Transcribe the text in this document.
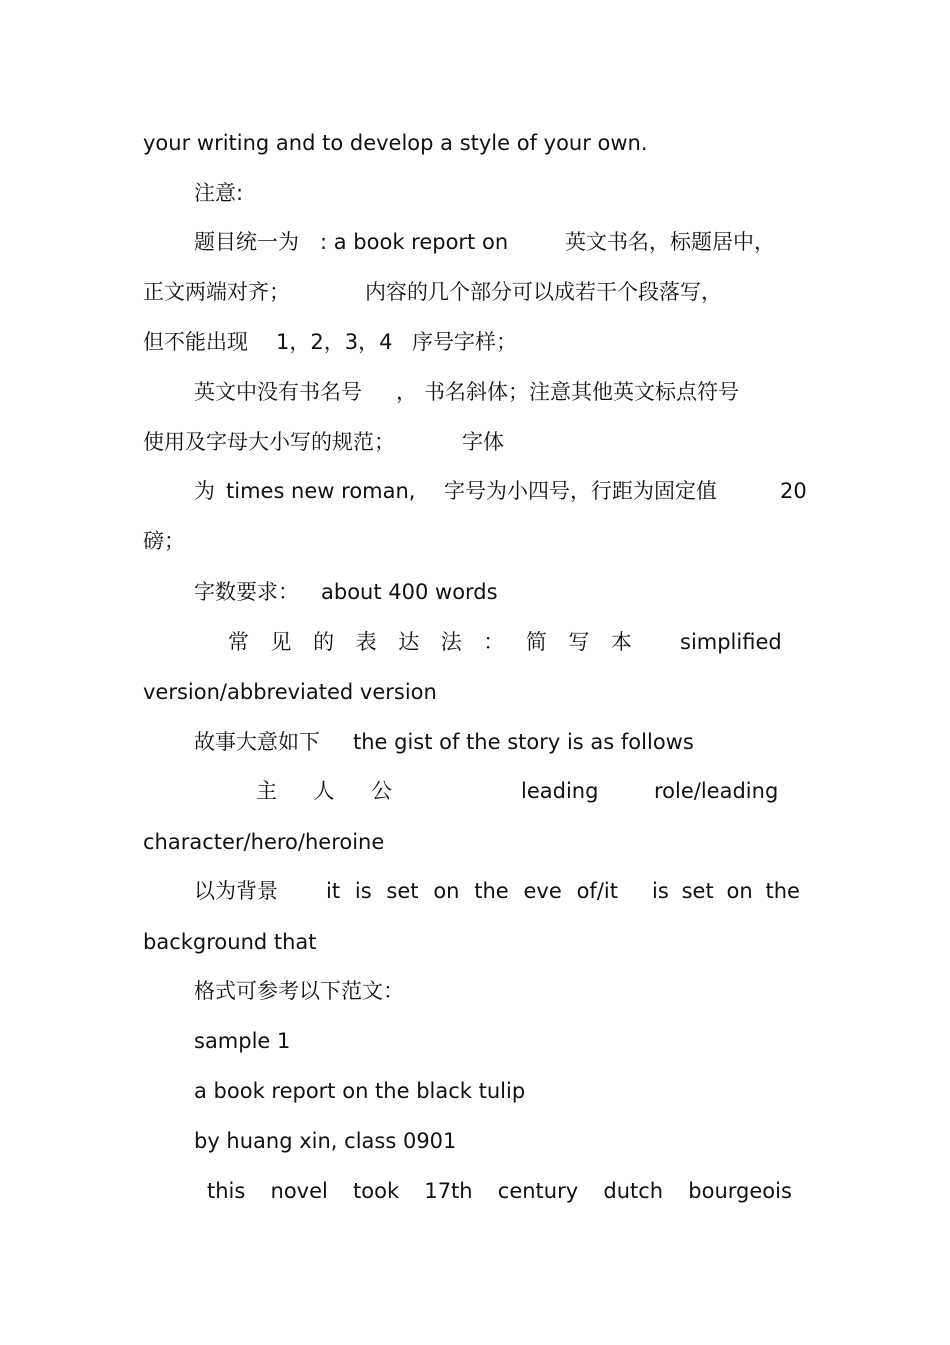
your writing and to develop a style of your own.
注意:
题目统一为 : a book report on	英文书名，标题居中，
正文两端对齐；	内容的几个部分可以成若干个段落写，
但不能出现 1，2，3，4 序号字样；
英文中没有书名号 ， 书名斜体；注意其他英文标点符号
使用及字母大小写的规范；	字体
为 times new roman, 字号为小四号，行距为固定值	20
磅；
字数要求： about 400 words
常 见 的 表 达 法 ： 简 写 本 simplified
version/abbreviated version
故事大意如下 the gist of the story is as follows
主 人 公	leading	role/leading
character/hero/heroine
以为背景 it is set on the eve of/it is set on the
background that
格式可参考以下范文：
sample 1
a book report on the black tulip
by huang xin, class 0901
this novel took 17th century dutch bourgeois
